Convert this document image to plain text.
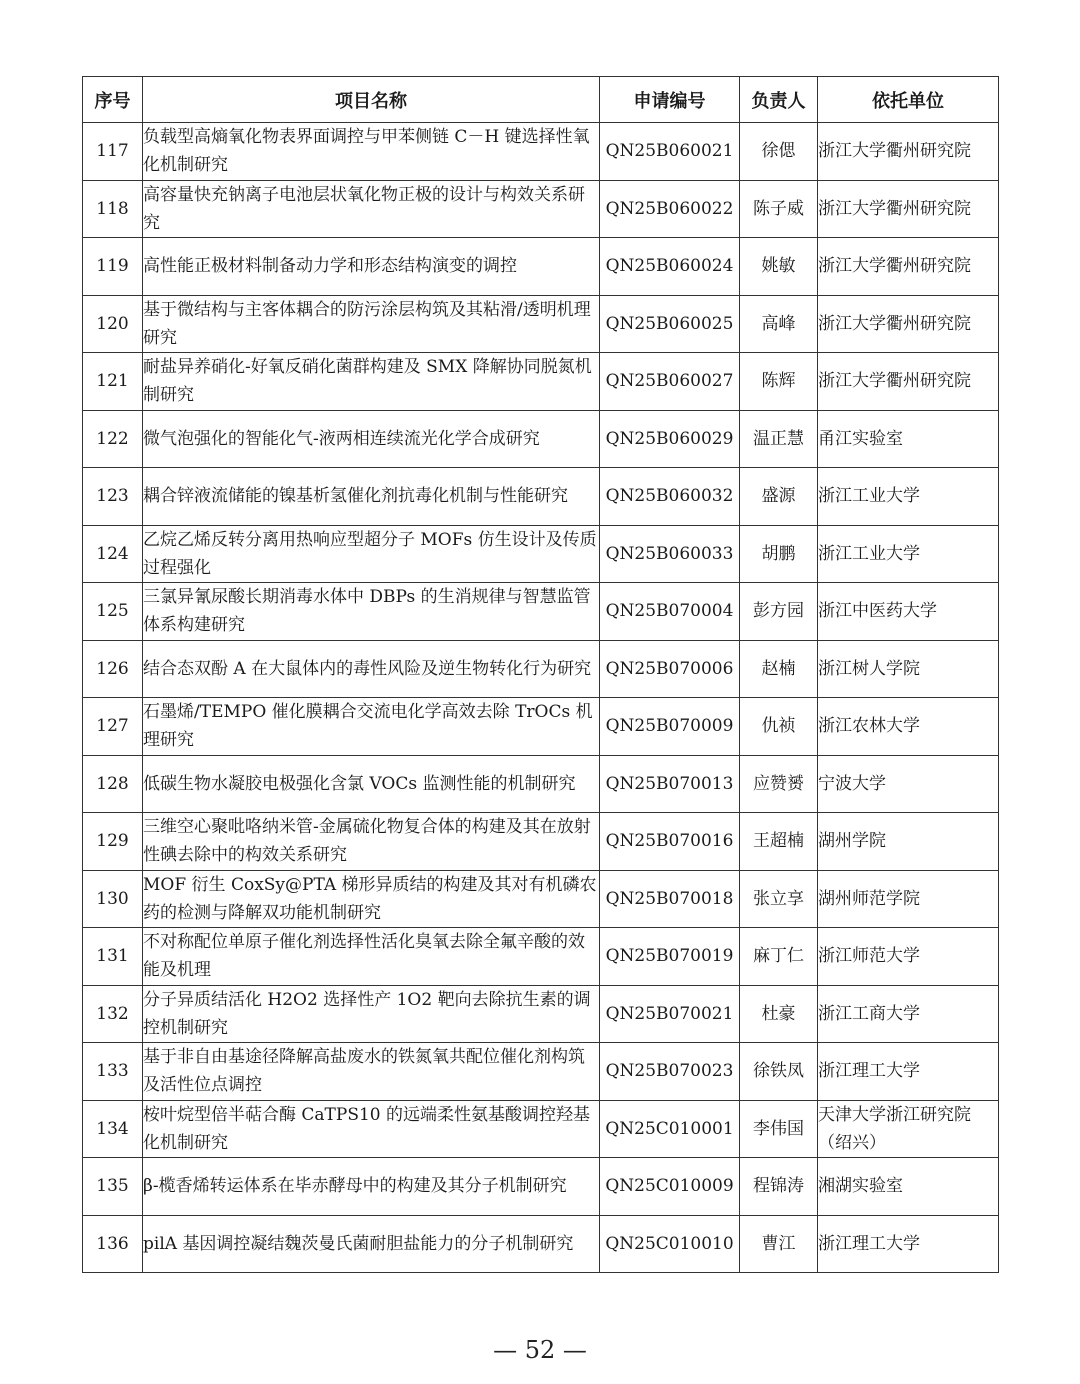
序号	项目名称	申请编号	负责人	依托单位
117	负载型高熵氧化物表界面调控与甲苯侧链 C－H 键选择性氧化机制研究	QN25B060021	徐偲	浙江大学衢州研究院
118	高容量快充钠离子电池层状氧化物正极的设计与构效关系研究	QN25B060022	陈子威	浙江大学衢州研究院
119	高性能正极材料制备动力学和形态结构演变的调控	QN25B060024	姚敏	浙江大学衢州研究院
120	基于微结构与主客体耦合的防污涂层构筑及其粘滑/透明机理研究	QN25B060025	高峰	浙江大学衢州研究院
121	耐盐异养硝化-好氧反硝化菌群构建及 SMX 降解协同脱氮机制研究	QN25B060027	陈辉	浙江大学衢州研究院
122	微气泡强化的智能化气-液两相连续流光化学合成研究	QN25B060029	温正慧	甬江实验室
123	耦合锌液流储能的镍基析氢催化剂抗毒化机制与性能研究	QN25B060032	盛源	浙江工业大学
124	乙烷乙烯反转分离用热响应型超分子 MOFs 仿生设计及传质过程强化	QN25B060033	胡鹏	浙江工业大学
125	三氯异氰尿酸长期消毒水体中 DBPs 的生消规律与智慧监管体系构建研究	QN25B070004	彭方园	浙江中医药大学
126	结合态双酚 A 在大鼠体内的毒性风险及逆生物转化行为研究	QN25B070006	赵楠	浙江树人学院
127	石墨烯/TEMPO 催化膜耦合交流电化学高效去除 TrOCs 机理研究	QN25B070009	仇祯	浙江农林大学
128	低碳生物水凝胶电极强化含氯 VOCs 监测性能的机制研究	QN25B070013	应赞赟	宁波大学
129	三维空心聚吡咯纳米管-金属硫化物复合体的构建及其在放射性碘去除中的构效关系研究	QN25B070016	王超楠	湖州学院
130	MOF 衍生 CoxSy@PTA 梯形异质结的构建及其对有机磷农药的检测与降解双功能机制研究	QN25B070018	张立享	湖州师范学院
131	不对称配位单原子催化剂选择性活化臭氧去除全氟辛酸的效能及机理	QN25B070019	麻丁仁	浙江师范大学
132	分子异质结活化 H2O2 选择性产 1O2 靶向去除抗生素的调控机制研究	QN25B070021	杜豪	浙江工商大学
133	基于非自由基途径降解高盐废水的铁氮氧共配位催化剂构筑及活性位点调控	QN25B070023	徐铁凤	浙江理工大学
134	桉叶烷型倍半萜合酶 CaTPS10 的远端柔性氨基酸调控羟基化机制研究	QN25C010001	李伟国	天津大学浙江研究院（绍兴）
135	β-榄香烯转运体系在毕赤酵母中的构建及其分子机制研究	QN25C010009	程锦涛	湘湖实验室
136	pilA 基因调控凝结魏茨曼氏菌耐胆盐能力的分子机制研究	QN25C010010	曹江	浙江理工大学
— 52 —
